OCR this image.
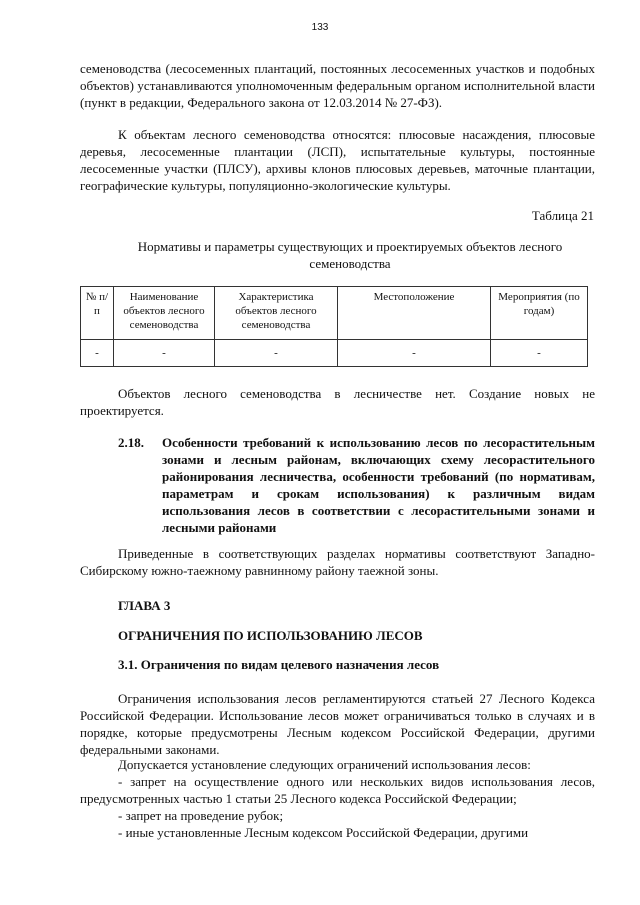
133

семеноводства (лесосеменных плантаций, постоянных лесосеменных участков и подобных объектов) устанавливаются уполномоченным федеральным органом исполнительной власти (пункт в редакции, Федерального закона от 12.03.2014 № 27-ФЗ).

К объектам лесного семеноводства относятся: плюсовые насаждения, плюсовые деревья, лесосеменные плантации (ЛСП), испытательные культуры, постоянные лесосеменные участки (ПЛСУ), архивы клонов плюсовых деревьев, маточные плантации, географические культуры, популяционно-экологические культуры.

Таблица 21
Нормативы и параметры существующих и проектируемых объектов лесного семеноводства
№ п/п	Наименование объектов лесного семеноводства	Характеристика объектов лесного семеноводства	Местоположение	Мероприятия (по годам)
-	-	-	-	-

Объектов лесного семеноводства в лесничестве нет. Создание новых не проектируется.

2.18. Особенности требований к использованию лесов по лесорастительным зонами и лесным районам, включающих схему лесорастительного районирования лесничества, особенности требований (по нормативам, параметрам и срокам использования) к различным видам использования лесов в соответствии с лесорастительными зонами и лесными районами

Приведенные в соответствующих разделах нормативы соответствуют Западно-Сибирскому южно-таежному равнинному району таежной зоны.

ГЛАВА 3
ОГРАНИЧЕНИЯ ПО ИСПОЛЬЗОВАНИЮ ЛЕСОВ
3.1. Ограничения по видам целевого назначения лесов

Ограничения использования лесов регламентируются статьей 27 Лесного Кодекса Российской Федерации. Использование лесов может ограничиваться только в случаях и в порядке, которые предусмотрены Лесным кодексом Российской Федерации, другими федеральными законами.

Допускается установление следующих ограничений использования лесов:

- запрет на осуществление одного или нескольких видов использования лесов, предусмотренных частью 1 статьи 25 Лесного кодекса Российской Федерации;

- запрет на проведение рубок;

- иные установленные Лесным кодексом Российской Федерации, другими
